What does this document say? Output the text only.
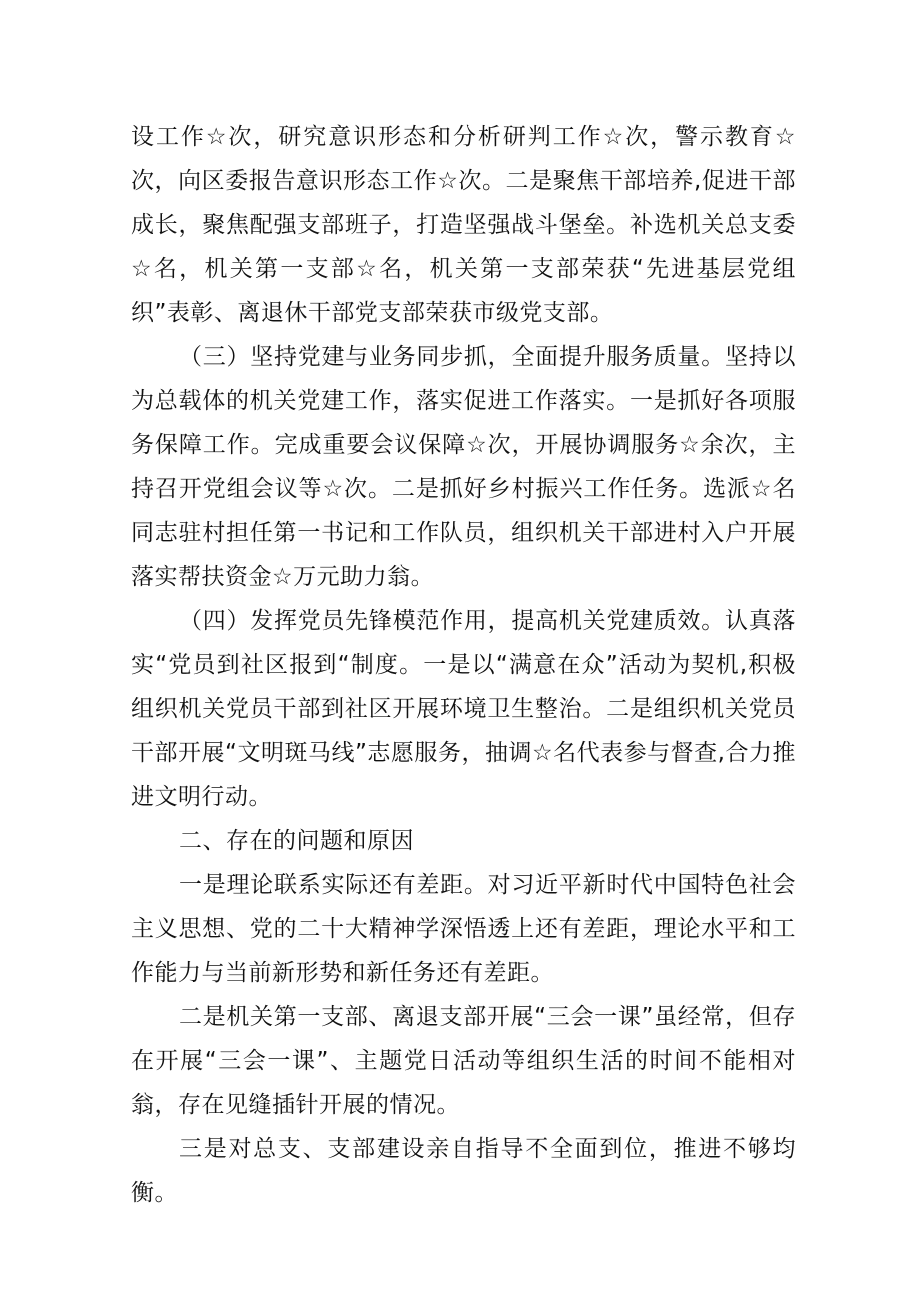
设工作☆次，研究意识形态和分析研判工作☆次，警示教育☆次，向区委报告意识形态工作☆次。二是聚焦干部培养,促进干部成长，聚焦配强支部班子，打造坚强战斗堡垒。补选机关总支委☆名，机关第一支部☆名，机关第一支部荣获“先进基层党组织”表彰、离退休干部党支部荣获市级党支部。

（三）坚持党建与业务同步抓，全面提升服务质量。坚持以为总载体的机关党建工作，落实促进工作落实。一是抓好各项服务保障工作。完成重要会议保障☆次，开展协调服务☆余次，主持召开党组会议等☆次。二是抓好乡村振兴工作任务。选派☆名同志驻村担任第一书记和工作队员，组织机关干部进村入户开展落实帮扶资金☆万元助力翁。

（四）发挥党员先锋模范作用，提高机关党建质效。认真落实“党员到社区报到“制度。一是以“满意在众”活动为契机,积极组织机关党员干部到社区开展环境卫生整治。二是组织机关党员干部开展“文明斑马线”志愿服务，抽调☆名代表参与督查,合力推进文明行动。

二、存在的问题和原因

一是理论联系实际还有差距。对习近平新时代中国特色社会主义思想、党的二十大精神学深悟透上还有差距，理论水平和工作能力与当前新形势和新任务还有差距。

二是机关第一支部、离退支部开展“三会一课”虽经常，但存在开展“三会一课”、主题党日活动等组织生活的时间不能相对翁，存在见缝插针开展的情况。

三是对总支、支部建设亲自指导不全面到位，推进不够均衡。
